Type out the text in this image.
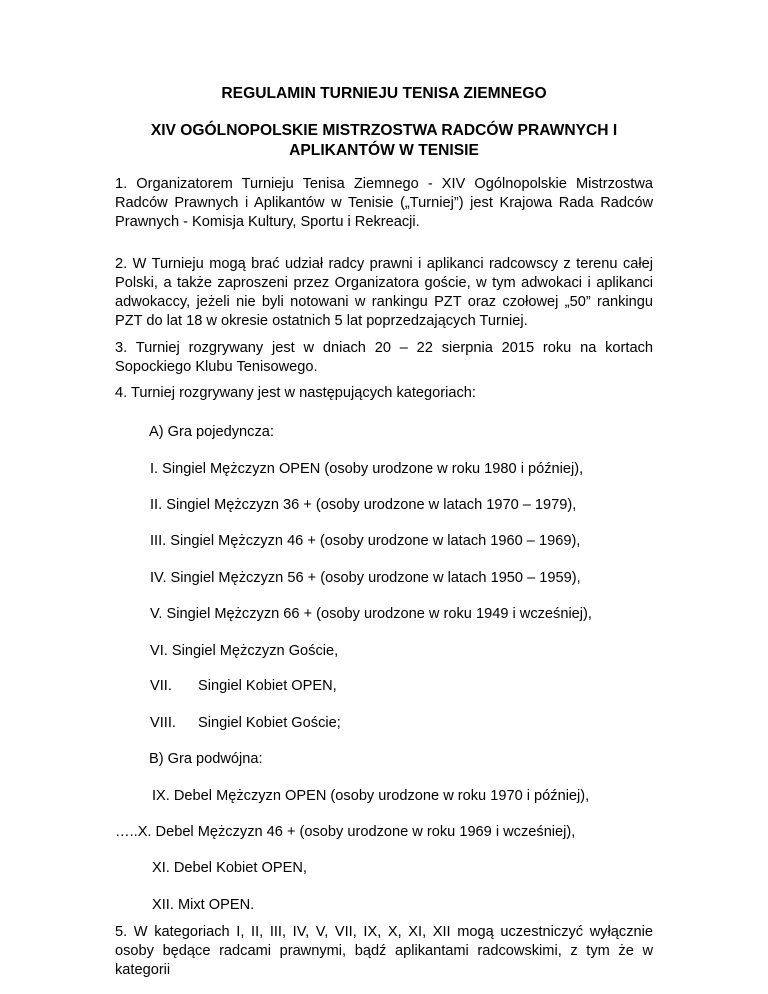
REGULAMIN TURNIEJU TENISA ZIEMNEGO
XIV OGÓLNOPOLSKIE MISTRZOSTWA RADCÓW PRAWNYCH I APLIKANTÓW W TENISIE

1. Organizatorem Turnieju Tenisa Ziemnego - XIV Ogólnopolskie Mistrzostwa Radców Prawnych i Aplikantów w Tenisie („Turniej”) jest Krajowa Rada Radców Prawnych - Komisja Kultury, Sportu i Rekreacji.

2. W Turnieju mogą brać udział radcy prawni i aplikanci radcowscy z terenu całej Polski, a także zaproszeni przez Organizatora goście, w tym adwokaci i aplikanci adwokaccy, jeżeli nie byli notowani w rankingu PZT oraz czołowej „50” rankingu PZT do lat 18 w okresie ostatnich 5 lat poprzedzających Turniej.

3. Turniej rozgrywany jest w dniach 20 – 22 sierpnia 2015 roku na kortach Sopockiego Klubu Tenisowego.

4. Turniej rozgrywany jest w następujących kategoriach:

A) Gra pojedyncza:

I. Singiel Mężczyzn OPEN (osoby urodzone w roku 1980 i później),

II. Singiel Mężczyzn 36 + (osoby urodzone w latach 1970 – 1979),

III. Singiel Mężczyzn 46 + (osoby urodzone w latach 1960 – 1969),

IV. Singiel Mężczyzn 56 + (osoby urodzone w latach 1950 – 1959),

V. Singiel Mężczyzn 66 + (osoby urodzone w roku 1949 i wcześniej),

VI. Singiel Mężczyzn Goście,

VII. Singiel Kobiet OPEN,

VIII. Singiel Kobiet Goście;

B) Gra podwójna:

IX. Debel Mężczyzn OPEN (osoby urodzone w roku 1970 i później),

…..X. Debel Mężczyzn 46 + (osoby urodzone w roku 1969 i wcześniej),

XI. Debel Kobiet OPEN,

XII. Mixt OPEN.

5. W kategoriach I, II, III, IV, V, VII, IX, X, XI, XII mogą uczestniczyć wyłącznie osoby będące radcami prawnymi, bądź aplikantami radcowskimi, z tym że w kategorii
